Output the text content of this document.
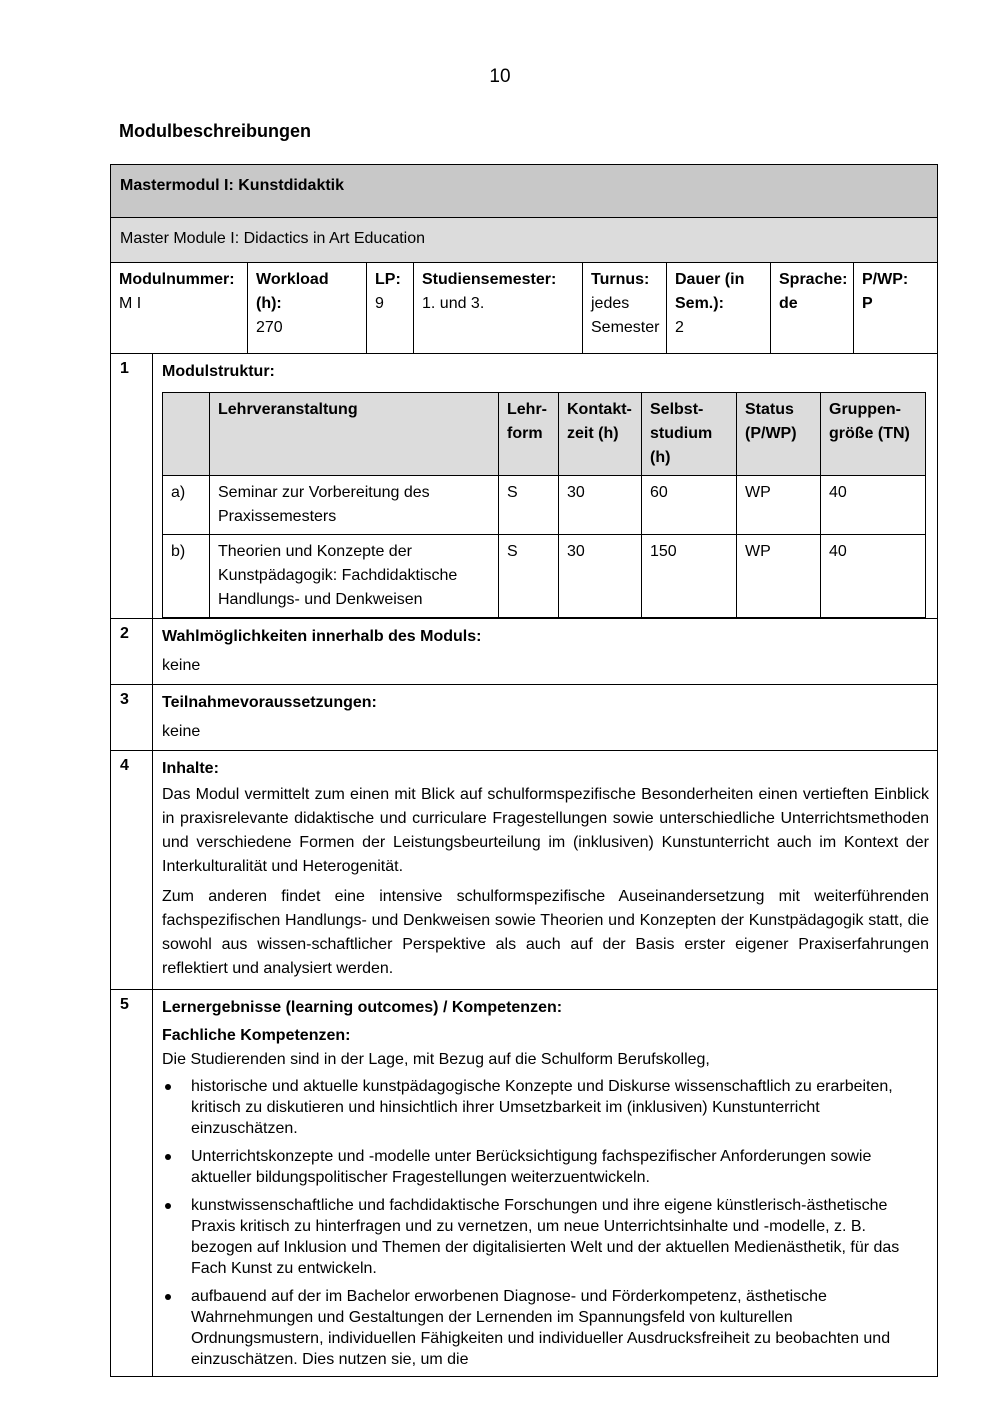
10
Modulbeschreibungen
Mastermodul I: Kunstdidaktik
Master Module I: Didactics in Art Education
Modulnummer:
M I
Workload (h):
270
LP:
9
Studiensemester:
1. und 3.
Turnus:
jedes Semester
Dauer (in Sem.):
2
Sprache:
de
P/WP:
P
1	Modulstruktur:
	Lehrveranstaltung	Lehr-form	Kontakt-zeit (h)	Selbst-studium (h)	Status (P/WP)	Gruppen-größe (TN)
a)	Seminar zur Vorbereitung des Praxissemesters	S	30	60	WP	40
b)	Theorien und Konzepte der Kunstpädagogik: Fachdidaktische Handlungs- und Denkweisen	S	30	150	WP	40
2	Wahlmöglichkeiten innerhalb des Moduls:
keine
3	Teilnahmevoraussetzungen:
keine
4	Inhalte:

Das Modul vermittelt zum einen mit Blick auf schulformspezifische Besonderheiten einen vertieften Einblick in praxisrelevante didaktische und curriculare Fragestellungen sowie unterschiedliche Unterrichtsmethoden und verschiedene Formen der Leistungsbeurteilung im (inklusiven) Kunstunterricht auch im Kontext der Interkulturalität und Heterogenität.

Zum anderen findet eine intensive schulformspezifische Auseinandersetzung mit weiterführenden fachspezifischen Handlungs- und Denkweisen sowie Theorien und Konzepten der Kunstpädagogik statt, die sowohl aus wissen-schaftlicher Perspektive als auch auf der Basis erster eigener Praxiserfahrungen reflektiert und analysiert werden.

5	Lernergebnisse (learning outcomes) / Kompetenzen:
Fachliche Kompetenzen:
Die Studierenden sind in der Lage, mit Bezug auf die Schulform Berufskolleg,
historische und aktuelle kunstpädagogische Konzepte und Diskurse wissenschaftlich zu erarbeiten, kritisch zu diskutieren und hinsichtlich ihrer Umsetzbarkeit im (inklusiven) Kunstunterricht einzuschätzen.
Unterrichtskonzepte und -modelle unter Berücksichtigung fachspezifischer Anforderungen sowie aktueller bildungspolitischer Fragestellungen weiterzuentwickeln.
kunstwissenschaftliche und fachdidaktische Forschungen und ihre eigene künstlerisch-ästhetische Praxis kritisch zu hinterfragen und zu vernetzen, um neue Unterrichtsinhalte und -modelle, z. B. bezogen auf Inklusion und Themen der digitalisierten Welt und der aktuellen Medienästhetik, für das Fach Kunst zu entwickeln.
aufbauend auf der im Bachelor erworbenen Diagnose- und Förderkompetenz, ästhetische Wahrnehmungen und Gestaltungen der Lernenden im Spannungsfeld von kulturellen Ordnungsmustern, individuellen Fähigkeiten und individueller Ausdrucksfreiheit zu beobachten und einzuschätzen. Dies nutzen sie, um die
